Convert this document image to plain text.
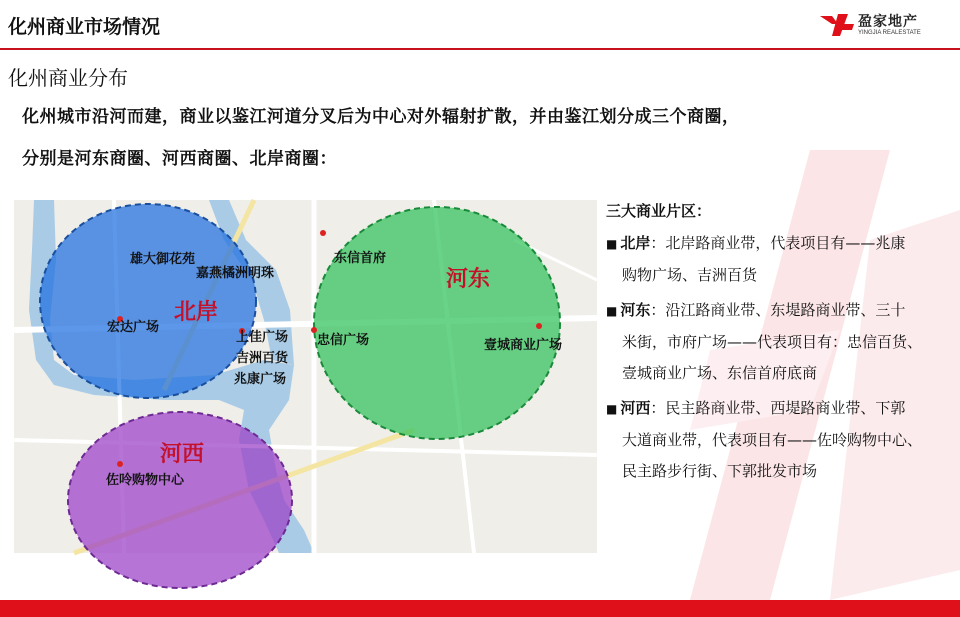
化州商业市场情况	盈家地产
YINGJIA REALESTATE
化州商业分布
化州城市沿河而建，商业以鉴江河道分叉后为中心对外辐射扩散，并由鉴江划分成三个商圈，
分别是河东商圈、河西商圈、北岸商圈：
北岸
河东
河西
雄大御花苑
嘉燕橘洲明珠
东信首府
宏达广场
上佳广场
吉洲百货
兆康广场
忠信广场	壹城商业广场
佐呤购物中心
三大商业片区：
■ 北岸：北岸路商业带，代表项目有——兆康
购物广场、吉洲百货
■ 河东：沿江路商业带、东堤路商业带、三十
米街，市府广场——代表项目有：忠信百货、
壹城商业广场、东信首府底商
■ 河西：民主路商业带、西堤路商业带、下郭
大道商业带，代表项目有——佐呤购物中心、
民主路步行街、下郭批发市场
